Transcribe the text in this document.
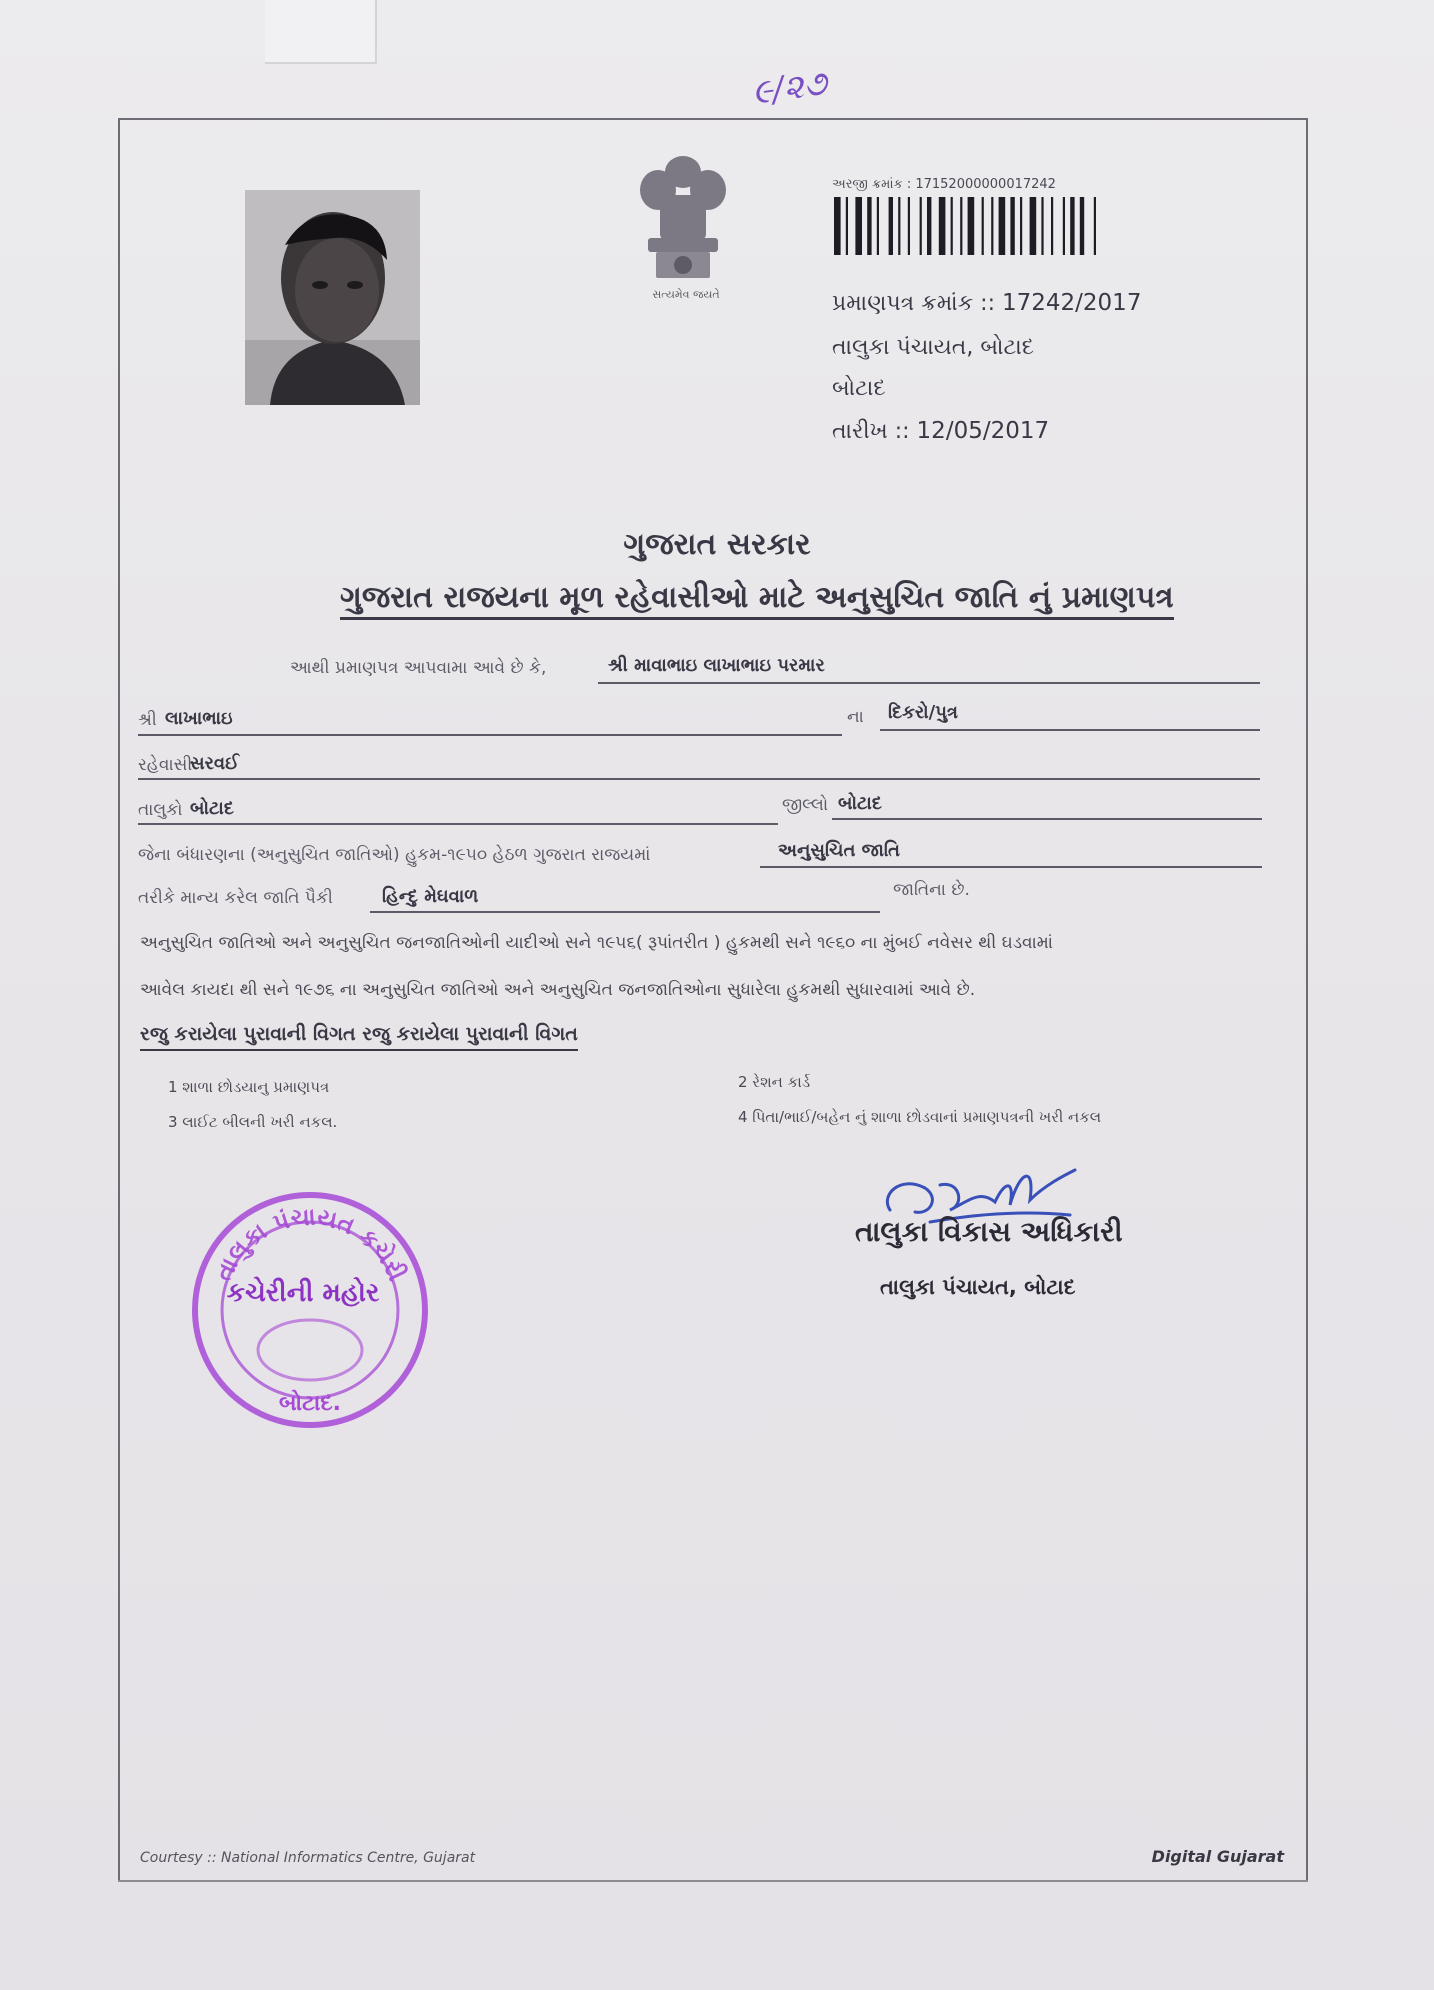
૯/૨૭
સત્યમેવ જયતે
અરજી ક્રમાંક : 17152000000017242
પ્રમાણપત્ર ક્રમાંક :: 17242/2017
તાલુકા પંચાયત, બોટાદ
બોટાદ
તારીખ :: 12/05/2017
ગુજરાત સરકાર
ગુજરાત રાજયના મૂળ રહેવાસીઓ માટે અનુસુચિત જાતિ નું પ્રમાણપત્ર
આથી પ્રમાણપત્ર આપવામા આવે છે કે,	શ્રી માવાભાઇ લાખાભાઇ પરમાર
શ્રી લાખાભાઇ	ના દિકરો/પુત્ર
રહેવાસી
સરવઈ
તાલુકો બોટાદ	જીલ્લો બોટાદ
જેના બંધારણના (અનુસુચિત જાતિઓ) હુકમ-૧૯૫૦ હેઠળ ગુજરાત રાજયમાં	અનુસુચિત જાતિ
તરીકે માન્ય કરેલ જાતિ પૈકી	હિન્દુ મેઘવાળ	જાતિના છે.
અનુસુચિત જાતિઓ અને અનુસુચિત જનજાતિઓની યાદીઓ સને ૧૯૫૬( રૂપાંતરીત ) હુકમથી સને ૧૯૬૦ ના મુંબઈ નવેસર થી ઘડવામાં
આવેલ કાયદા થી સને ૧૯૭૬ ના અનુસુચિત જાતિઓ અને અનુસુચિત જનજાતિઓના સુધારેલા હુકમથી સુધારવામાં આવે છે.
રજુ કરાયેલા પુરાવાની વિગત રજુ કરાયેલા પુરાવાની વિગત
1 શાળા છોડયાનુ પ્રમાણપત્ર	2 રેશન કાર્ડ
3 લાઈટ બીલની ખરી નકલ.	4 પિતા/ભાઈ/બહેન નું શાળા છોડવાનાં પ્રમાણપત્રની ખરી નકલ
તાલુકા પંચાયત કચેરી
કચેરીની મહોર
બોટાદ.
તાલુકા વિકાસ અધિકારી
તાલુકા પંચાયત, બોટાદ
Courtesy :: National Informatics Centre, Gujarat	Digital Gujarat
